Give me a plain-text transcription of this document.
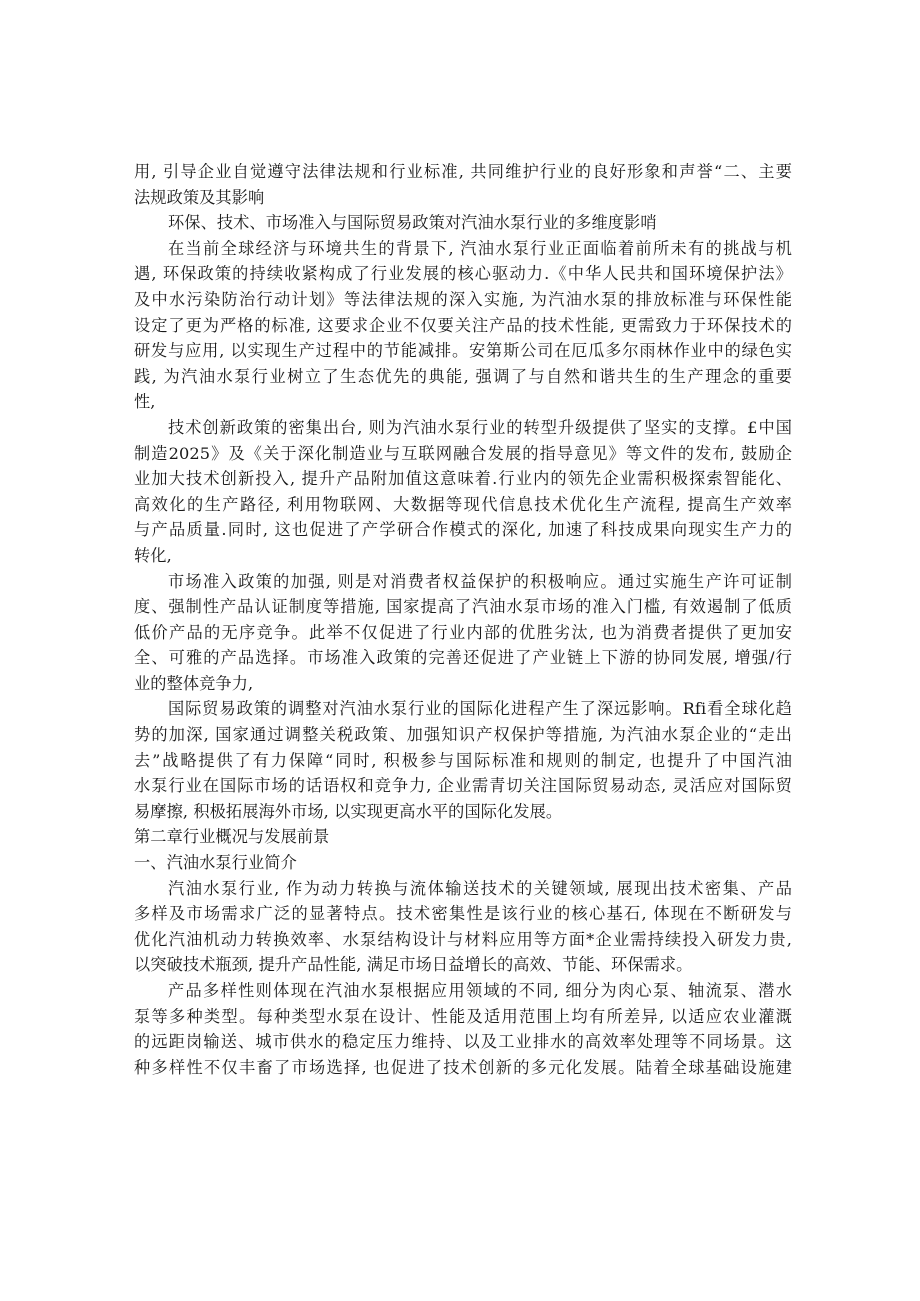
用, 引导企业自觉遵守法律法规和行业标准, 共同维护行业的良好形象和声誉“二、主要
法规政策及其影响
环保、技术、市场准入与国际贸易政策对汽油水泵行业的多维度影哨
在当前全球经济与环境共生的背景下, 汽油水泵行业正面临着前所未有的挑战与机
遇, 环保政策的持续收紧构成了行业发展的核心驱动力.《中华人民共和国环境保护法》
及中水污染防治行动计划》等法律法规的深入实施, 为汽油水泵的排放标准与环保性能
设定了更为严格的标准, 这要求企业不仅要关注产品的技术性能, 更需致力于环保技术的
研发与应用, 以实现生产过程中的节能减排。安第斯公司在厄瓜多尔雨林作业中的绿色实
践, 为汽油水泵行业树立了生态优先的典能, 强调了与自然和谐共生的生产理念的重要
性,
技术创新政策的密集出台, 则为汽油水泵行业的转型升级提供了坚实的支撑。£中国
制造2025》及《关于深化制造业与互联网融合发展的指导意见》等文件的发布, 鼓励企
业加大技术创新投入, 提升产品附加值这意味着.行业内的领先企业需积极探索智能化、
高效化的生产路径, 利用物联网、大数据等现代信息技术优化生产流程, 提高生产效率
与产品质量.同时, 这也促进了产学研合作模式的深化, 加速了科技成果向现实生产力的
转化,
市场准入政策的加强, 则是对消费者权益保护的积极响应。通过实施生产许可证制
度、强制性产品认证制度等措施, 国家提高了汽油水泵市场的准入门槛, 有效遏制了低质
低价产品的无序竞争。此举不仅促进了行业内部的优胜劣汰, 也为消费者提供了更加安
全、可雅的产品选择。市场准入政策的完善还促进了产业链上下游的协同发展, 增强/行
业的整体竞争力,
国际贸易政策的调整对汽油水泵行业的国际化进程产生了深远影响。Rfi看全球化趋
势的加深, 国家通过调整关税政策、加强知识产权保护等措施, 为汽油水泵企业的“走出
去”战略提供了有力保障“同时, 积极参与国际标准和规则的制定, 也提升了中国汽油
水泵行业在国际市场的话语权和竞争力, 企业需青切关注国际贸易动态, 灵活应对国际贸
易摩擦, 积极拓展海外市场, 以实现更高水平的国际化发展。
第二章行业概况与发展前景
一、汽油水泵行业简介
汽油水泵行业, 作为动力转换与流体输送技术的关键领域, 展现出技术密集、产品
多样及市场需求广泛的显著特点。技术密集性是该行业的核心基石, 体现在不断研发与
优化汽油机动力转换效率、水泵结构设计与材料应用等方面*企业需持续投入研发力贵,
以突破技术瓶颈, 提升产品性能, 满足市场日益增长的高效、节能、环保需求。
产品多样性则体现在汽油水泵根据应用领域的不同, 细分为肉心泵、轴流泵、潜水
泵等多种类型。每种类型水泵在设计、性能及适用范围上均有所差异, 以适应农业灌溉
的远距岗输送、城市供水的稳定压力维持、以及工业排水的高效率处理等不同场景。这
种多样性不仅丰畜了市场选择, 也促进了技术创新的多元化发展。陆着全球基础设施建
